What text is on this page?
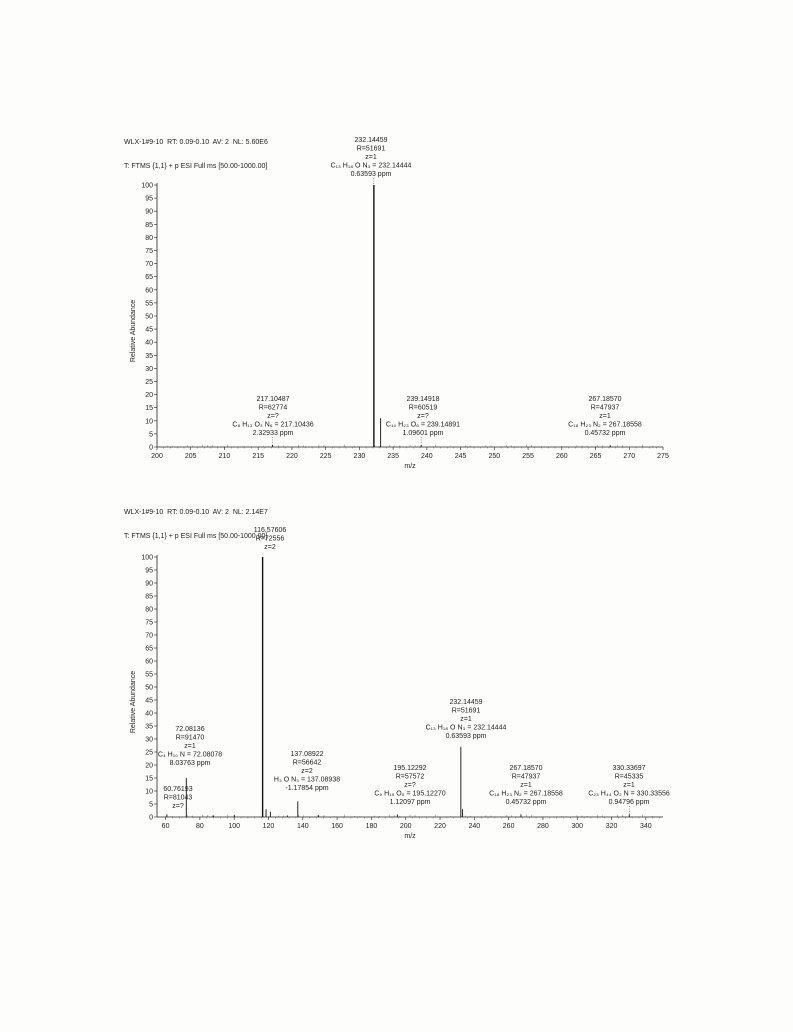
WLX-1#9-10  RT: 0.09-0.10  AV: 2  NL: 5.60E6

T: FTMS {1,1} + p ESI Full ms [50.00-1000.00]

WLX-1#9-10  RT: 0.09-0.10  AV: 2  NL: 2.14E7

T: FTMS {1,1} + p ESI Full ms [50.00-1000.00]

0
5
10
15
20
25
30
35
40
45
50
55
60
65
70
75
80
85
90
95
100
200	205	210	215	220	225	230	235	240	245	250	255	260	265	270	275
m/z
Relative Abundance
232.14459
R=51691
z=1
C₁₃ H₁₈ O N₃ = 232.14444
0.63593 ppm
217.10487
R=62774
z=?
C₈ H₁₃ O₃ N₆ = 217.10436
2.32933 ppm
239.14918
R=60519
z=?
C₁₀ H₂₃ O₆ = 239.14891
1.09601 ppm
267.18570
R=47937
z=1
C₁₈ H₂₃ N₂ = 267.18558
0.45732 ppm
0
5
10
15
20
25
30
35
40
45
50
55
60
65
70
75
80
85
90
95
100
60	80	100	120	140	160	180	200	220	240	260	280	300	320	340
m/z
Relative Abundance
116.57606
R=72556
z=2
232.14459
R=51691
z=1
C₁₃ H₁₈ O N₃ = 232.14444
0.63593 ppm
72.08136
R=91470
z=1
C₄ H₁₀ N = 72.08078
8.03763 ppm
60.76193
R=81043
z=?
137.08922
R=56642
z=2
H₃ O N₃ = 137.08938
-1.17854 ppm
195.12292
R=57572
z=?
C₉ H₁₉ O₅ = 195.12270
1.12097 ppm
267.18570
R=47937
z=1
C₁₈ H₂₃ N₂ = 267.18558
0.45732 ppm
330.33697
R=45335
z=1
C₂₃ H₄₄ O₂ N = 330.33556
0.94796 ppm
